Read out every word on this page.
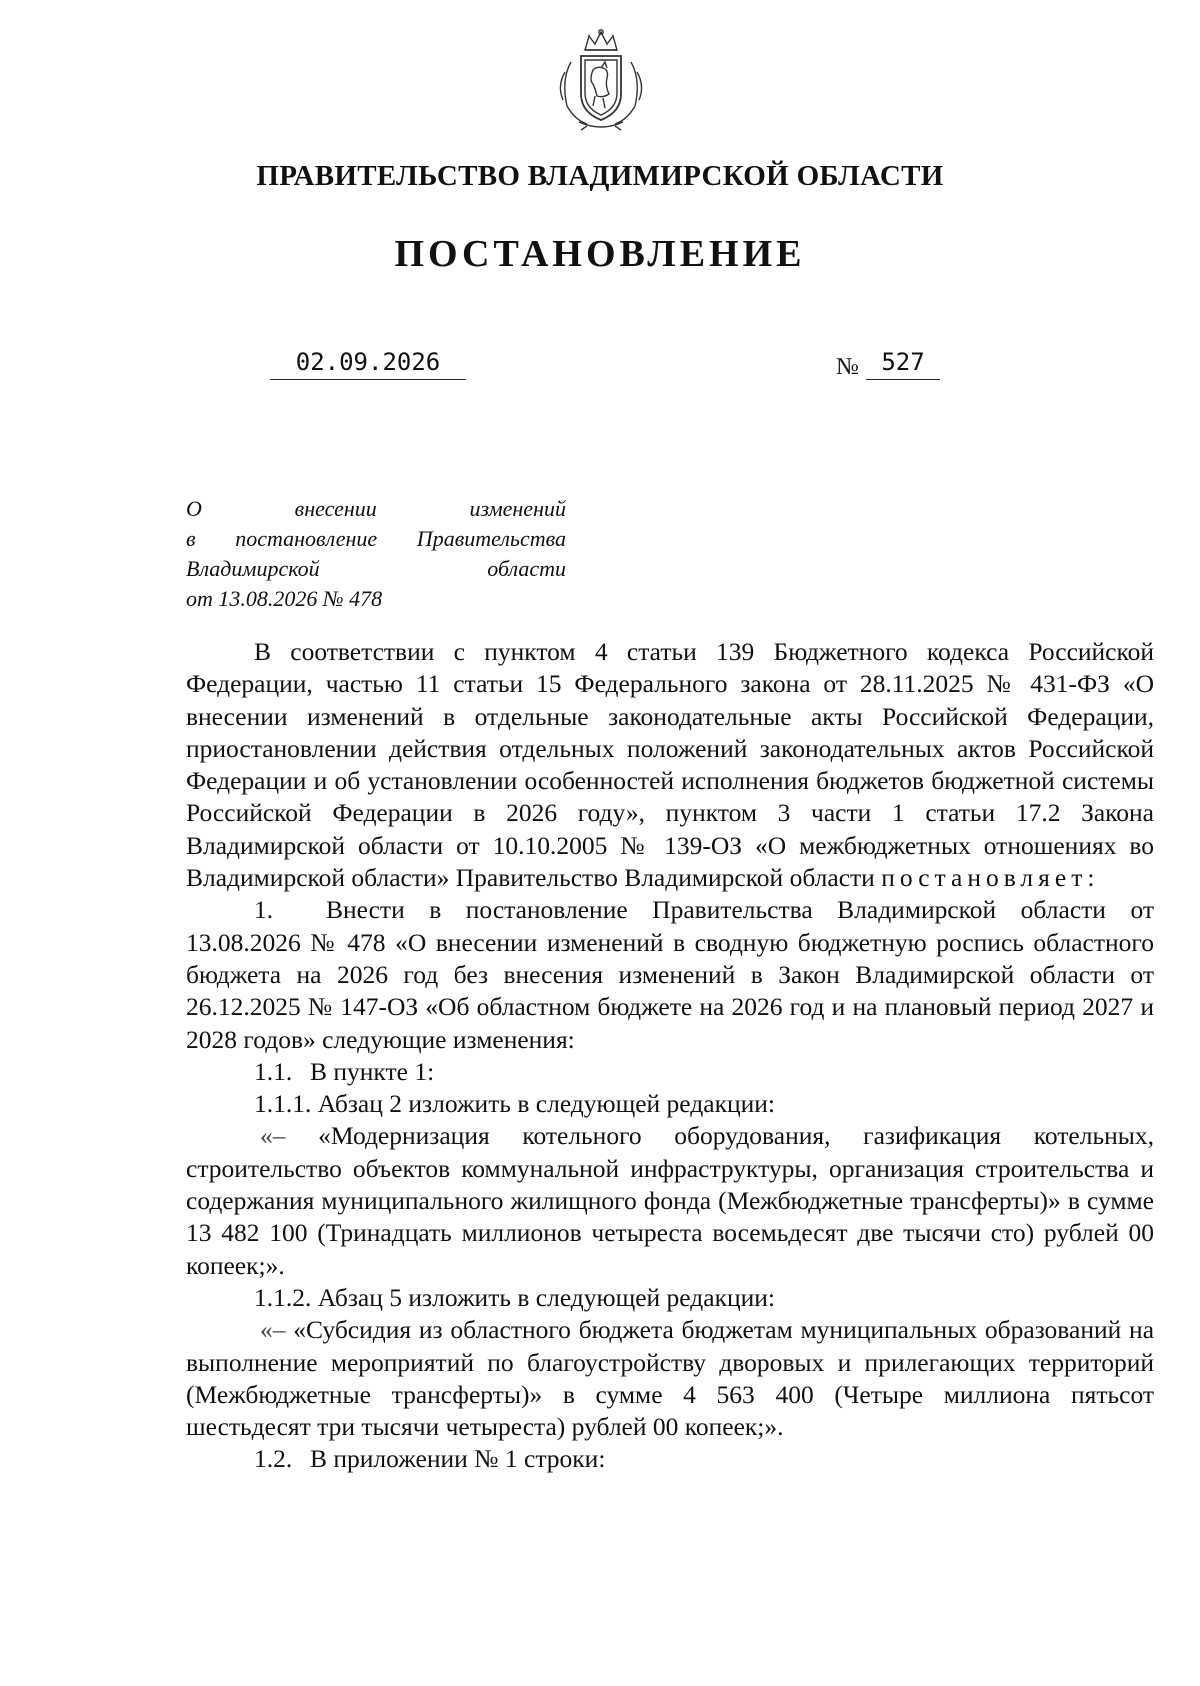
ПРАВИТЕЛЬСТВО ВЛАДИМИРСКОЙ ОБЛАСТИ
ПОСТАНОВЛЕНИЕ
02.09.2026	№ 527
О внесении изменений
в постановление Правительства
Владимирской области
от 13.08.2026 № 478

В соответствии с пунктом 4 статьи 139 Бюджетного кодекса Российской Федерации, частью 11 статьи 15 Федерального закона от 28.11.2025 № 431-ФЗ «О внесении изменений в отдельные законодательные акты Российской Федерации, приостановлении действия отдельных положений законодательных актов Российской Федерации и об установлении особенностей исполнения бюджетов бюджетной системы Российской Федерации в 2026 году», пунктом 3 части 1 статьи 17.2 Закона Владимирской области от 10.10.2005 № 139-ОЗ «О межбюджетных отношениях во Владимирской области» Правительство Владимирской области постановляет:

1. Внести в постановление Правительства Владимирской области от 13.08.2026 № 478 «О внесении изменений в сводную бюджетную роспись областного бюджета на 2026 год без внесения изменений в Закон Владимирской области от 26.12.2025 № 147-ОЗ «Об областном бюджете на 2026 год и на плановый период 2027 и 2028 годов» следующие изменения:

1.1. В пункте 1:

1.1.1. Абзац 2 изложить в следующей редакции:

«– «Модернизация котельного оборудования, газификация котельных, строительство объектов коммунальной инфраструктуры, организация строительства и содержания муниципального жилищного фонда (Межбюджетные трансферты)» в сумме 13 482 100 (Тринадцать миллионов четыреста восемьдесят две тысячи сто) рублей 00 копеек;».

1.1.2. Абзац 5 изложить в следующей редакции:

«– «Субсидия из областного бюджета бюджетам муниципальных образований на выполнение мероприятий по благоустройству дворовых и прилегающих территорий (Межбюджетные трансферты)» в сумме 4 563 400 (Четыре миллиона пятьсот шестьдесят три тысячи четыреста) рублей 00 копеек;».

1.2. В приложении № 1 строки:
